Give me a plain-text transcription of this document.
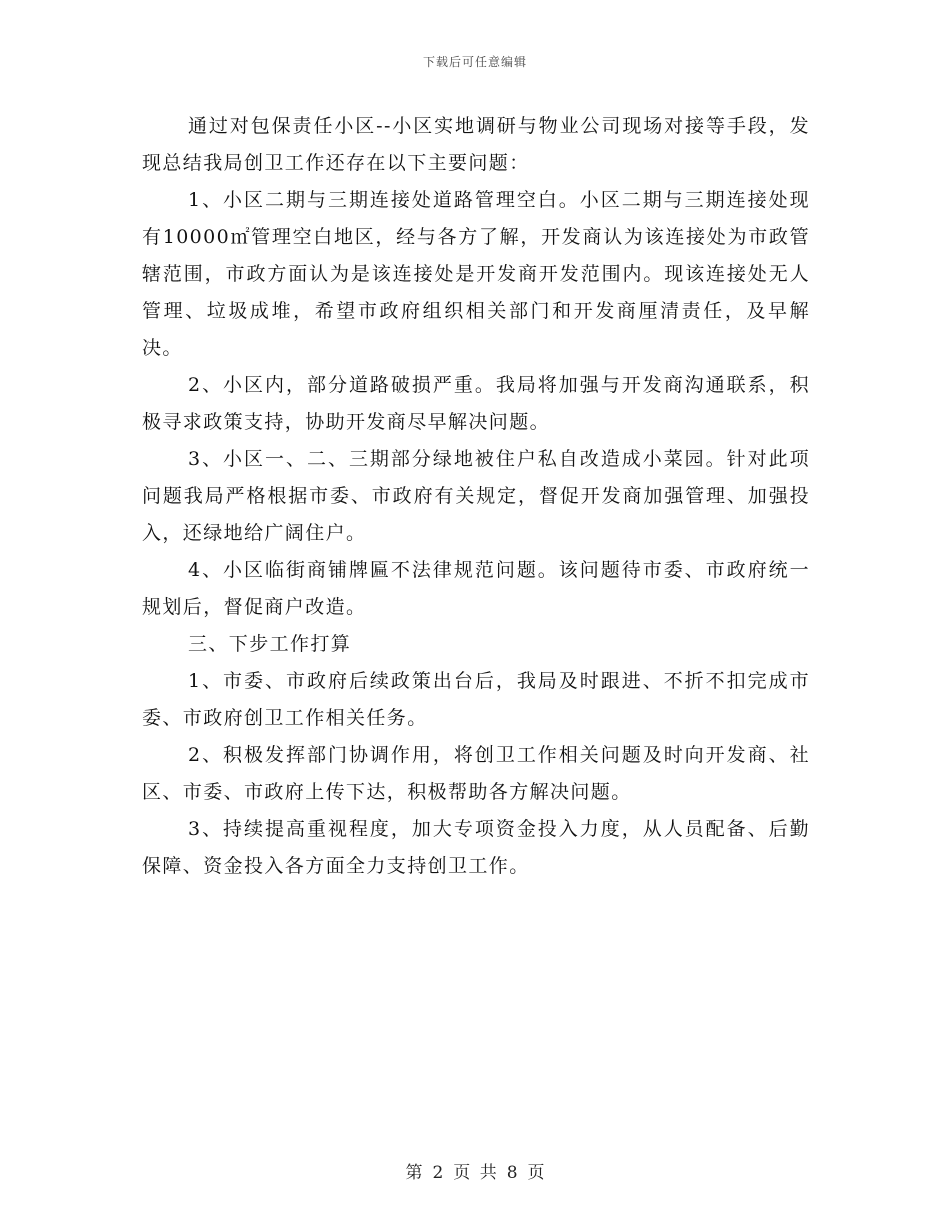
下载后可任意编辑

通过对包保责任小区--小区实地调研与物业公司现场对接等手段，发现总结我局创卫工作还存在以下主要问题：

1、小区二期与三期连接处道路管理空白。小区二期与三期连接处现有10000㎡管理空白地区，经与各方了解，开发商认为该连接处为市政管辖范围，市政方面认为是该连接处是开发商开发范围内。现该连接处无人管理、垃圾成堆，希望市政府组织相关部门和开发商厘清责任，及早解决。

2、小区内，部分道路破损严重。我局将加强与开发商沟通联系，积极寻求政策支持，协助开发商尽早解决问题。

3、小区一、二、三期部分绿地被住户私自改造成小菜园。针对此项问题我局严格根据市委、市政府有关规定，督促开发商加强管理、加强投入，还绿地给广阔住户。

4、小区临街商铺牌匾不法律规范问题。该问题待市委、市政府统一规划后，督促商户改造。

三、下步工作打算

1、市委、市政府后续政策出台后，我局及时跟进、不折不扣完成市委、市政府创卫工作相关任务。

2、积极发挥部门协调作用，将创卫工作相关问题及时向开发商、社区、市委、市政府上传下达，积极帮助各方解决问题。

3、持续提高重视程度，加大专项资金投入力度，从人员配备、后勤保障、资金投入各方面全力支持创卫工作。

第 2 页 共 8 页
